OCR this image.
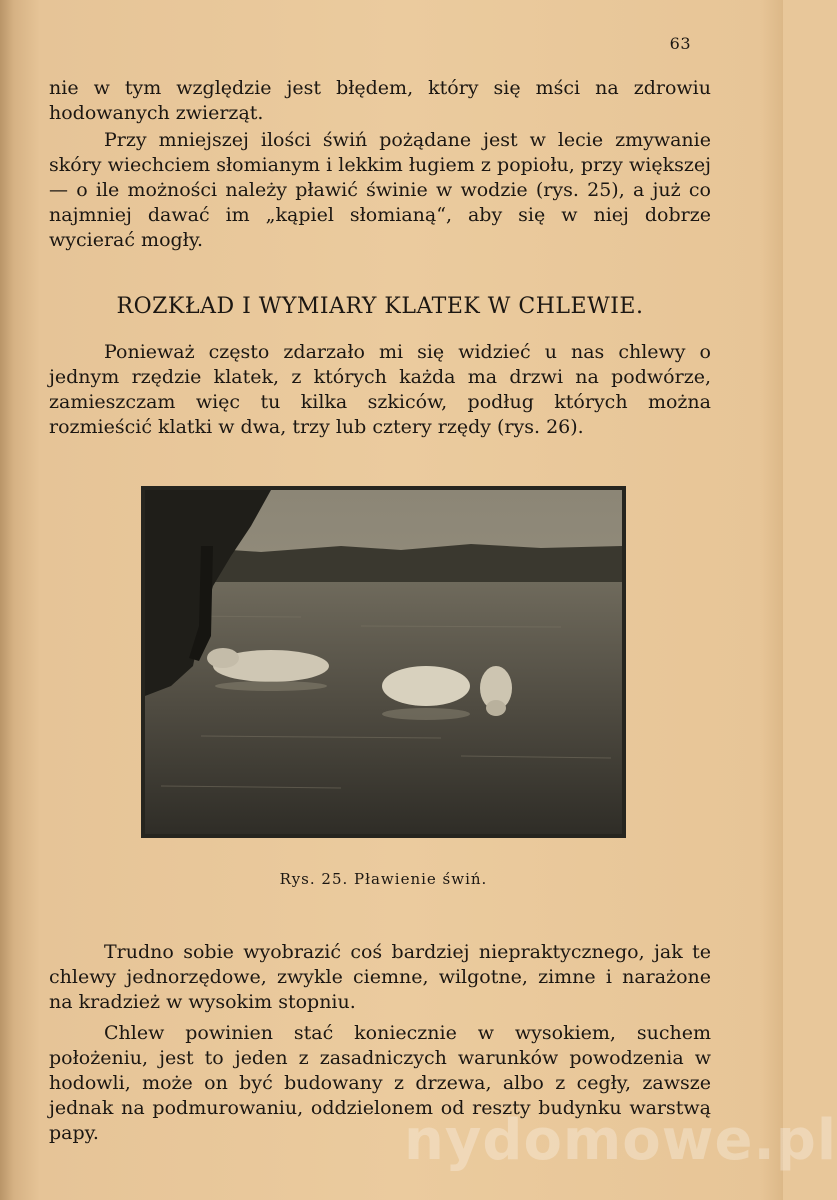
63

nie w tym względzie jest błędem, który się mści na zdrowiu hodowanych zwierząt.

Przy mniejszej ilości świń pożądane jest w lecie zmywanie skóry wiechciem słomianym i lekkim ługiem z popiołu, przy większej — o ile możności należy pławić świnie w wodzie (rys. 25), a już co najmniej dawać im „kąpiel słomianą“, aby się w niej dobrze wycierać mogły.

ROZKŁAD I WYMIARY KLATEK W CHLEWIE.

Ponieważ często zdarzało mi się widzieć u nas chlewy o jednym rzędzie klatek, z których każda ma drzwi na podwórze, zamieszczam więc tu kilka szkiców, podług których można rozmieścić klatki w dwa, trzy lub cztery rzędy (rys. 26).

Rys. 25. Pławienie świń.

Trudno sobie wyobrazić coś bardziej niepraktycznego, jak te chlewy jednorzędowe, zwykle ciemne, wilgotne, zimne i narażone na kradzież w wysokim stopniu.

Chlew powinien stać koniecznie w wysokiem, suchem położeniu, jest to jeden z zasadniczych warunków powodzenia w hodowli, może on być budowany z drzewa, albo z cegły, zawsze jednak na podmurowaniu, oddzielonem od reszty budynku warstwą papy.	nydomowe.pl
